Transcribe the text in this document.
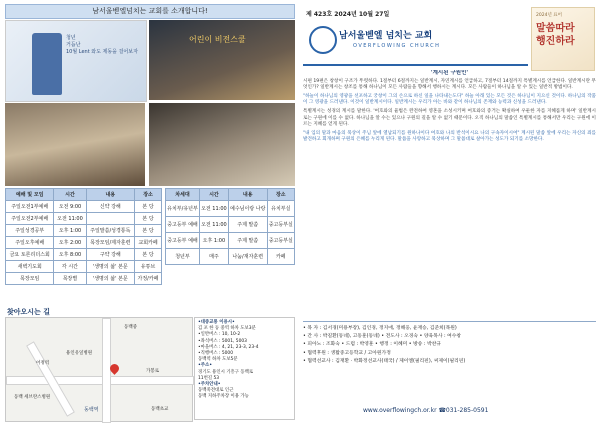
남서울벧엘넘치는 교회를 소개합니다!
청년
거듭난
10월 Lent 와도 제동을 걸어보자
어린이 비전스쿨
예배 및 모임	시간	내용	장소
주일오전1부예배	오전 9:00	신약 강해	본 당
주일오전2부예배	오전 11:00		본 당
주일성경공부	오후 1:00	주일말씀/성경통독	본 당
주일오후예배	오후 2:00	목장모임/제자훈련	교회카페
금요 토론리더스회	오후 8:00	구약 강해	본 당
새벽기도회	각 시간	'생명의 삶' 본문	유튜브
목장모임	목장별	'생명의 삶' 본문	가정/카페
차세대	시간	내용	장소
유치부/유년부	오전 11:00	예수님이랑 나랑	유치부실
중고등부 예배	오전 11:00	주제 말씀	중고등부실
중고등부 예배	오후 1:00	주제 말씀	중고등부실
청년부	매주	나눔/재자훈련	카페
찾아오시는 길
동백중
어정역
용인유일병원
동백 세브란스병원
가봉로
동백역	동백초교
•대중교통 이용시•
김 포 한 등 중역 하차 도보3분
•일반버스 : 10, 10-2
•좌석버스 : 5001, 5003
•마을버스 : 4, 21, 23-3, 23-4
•직행버스 : 5000
동백역 하차 도보5분
•주소•
경기도 용인시 기흥구 동백로
11번길 53
•주차안내•
동백죽전대로 인근
동백 지하주차장 이용 가능
제 423호 2024년 10월 27일
남서울벧엘 넘치는 교회
OVERFLOWING CHURCH
2024년 표어
말씀따라
행진하라
'계시된 구원인'

시편 19편은 창창이 구조가 뚜렷하다. 1절부터 6절까지는 일반계시, 자연계시를 언급하고, 7절부터 14절까지 특별계시를 언급한다. 일반계시란 무엇인가? 일반계시는 창조를 통해 하나님이 모든 사람들을 향해서 행하시는 계시다. 모든 사람들이 하나님을 알 수 있는 일반적 방법이다.

"하늘이 하나님의 영광을 선포하고 궁창이 그의 손으로 하신 일을 나타내는도다" 하늘 아래 있는 모든 것은 하나님이 지으신 것이다. 하나님의 작품이 그 영광을 드러낸다. 이것이 일반계시이다. 일반계시는 우리가 아는 바와 같이 하나님의 존재와 능력과 신성을 드러낸다.

특별계시는 성경의 계시를 말한다. '여호와의 율법은 완전하여 영혼을 소성시키며 여호와의 증거는 확실하여 우둔한 자를 지혜롭게 하며' 일반계시로는 구원에 이를 수 없다. 하나님을 알 수는 있으나 구원의 길을 알 수 없기 때문이다. 오직 하나님의 말씀인 특별계시를 통해서만 우리는 구원에 이르는 지혜를 얻게 된다.

"내 입의 말과 마음의 묵상이 주님 앞에 열납되기를 원하나이다 여호와 나의 반석이시요 나의 구속자이시여" 계시된 말씀 앞에 우리는 자신의 죄를 발견하고 회개하며 구원의 은혜를 누리게 된다. 말씀을 사랑하고 묵상하며 그 말씀대로 살아가는 성도가 되기를 소망한다.

• 목 자 : 김서경(미용부장), 김인경, 정지애, 정해웅, 윤재승, 김준희(목원)
• 간 사 : 박길환(동네), 고동훈(동네) • 전도사 : 오경숙 • 양육목사 : 여수창
• 피아노 : 조화숙 • 드럼 : 박영훈 • 행정 : 이혜미 • 방송 : 박찬규
• 협력후원 : 생활중고등학교 / 고아원가정
• 협력선교사 : 김재환 · 박화정선교사(태국) / 제이엘(필리핀), 씨제이(필리핀)
www.overflowingch.or.kr ☎031-285-0591
